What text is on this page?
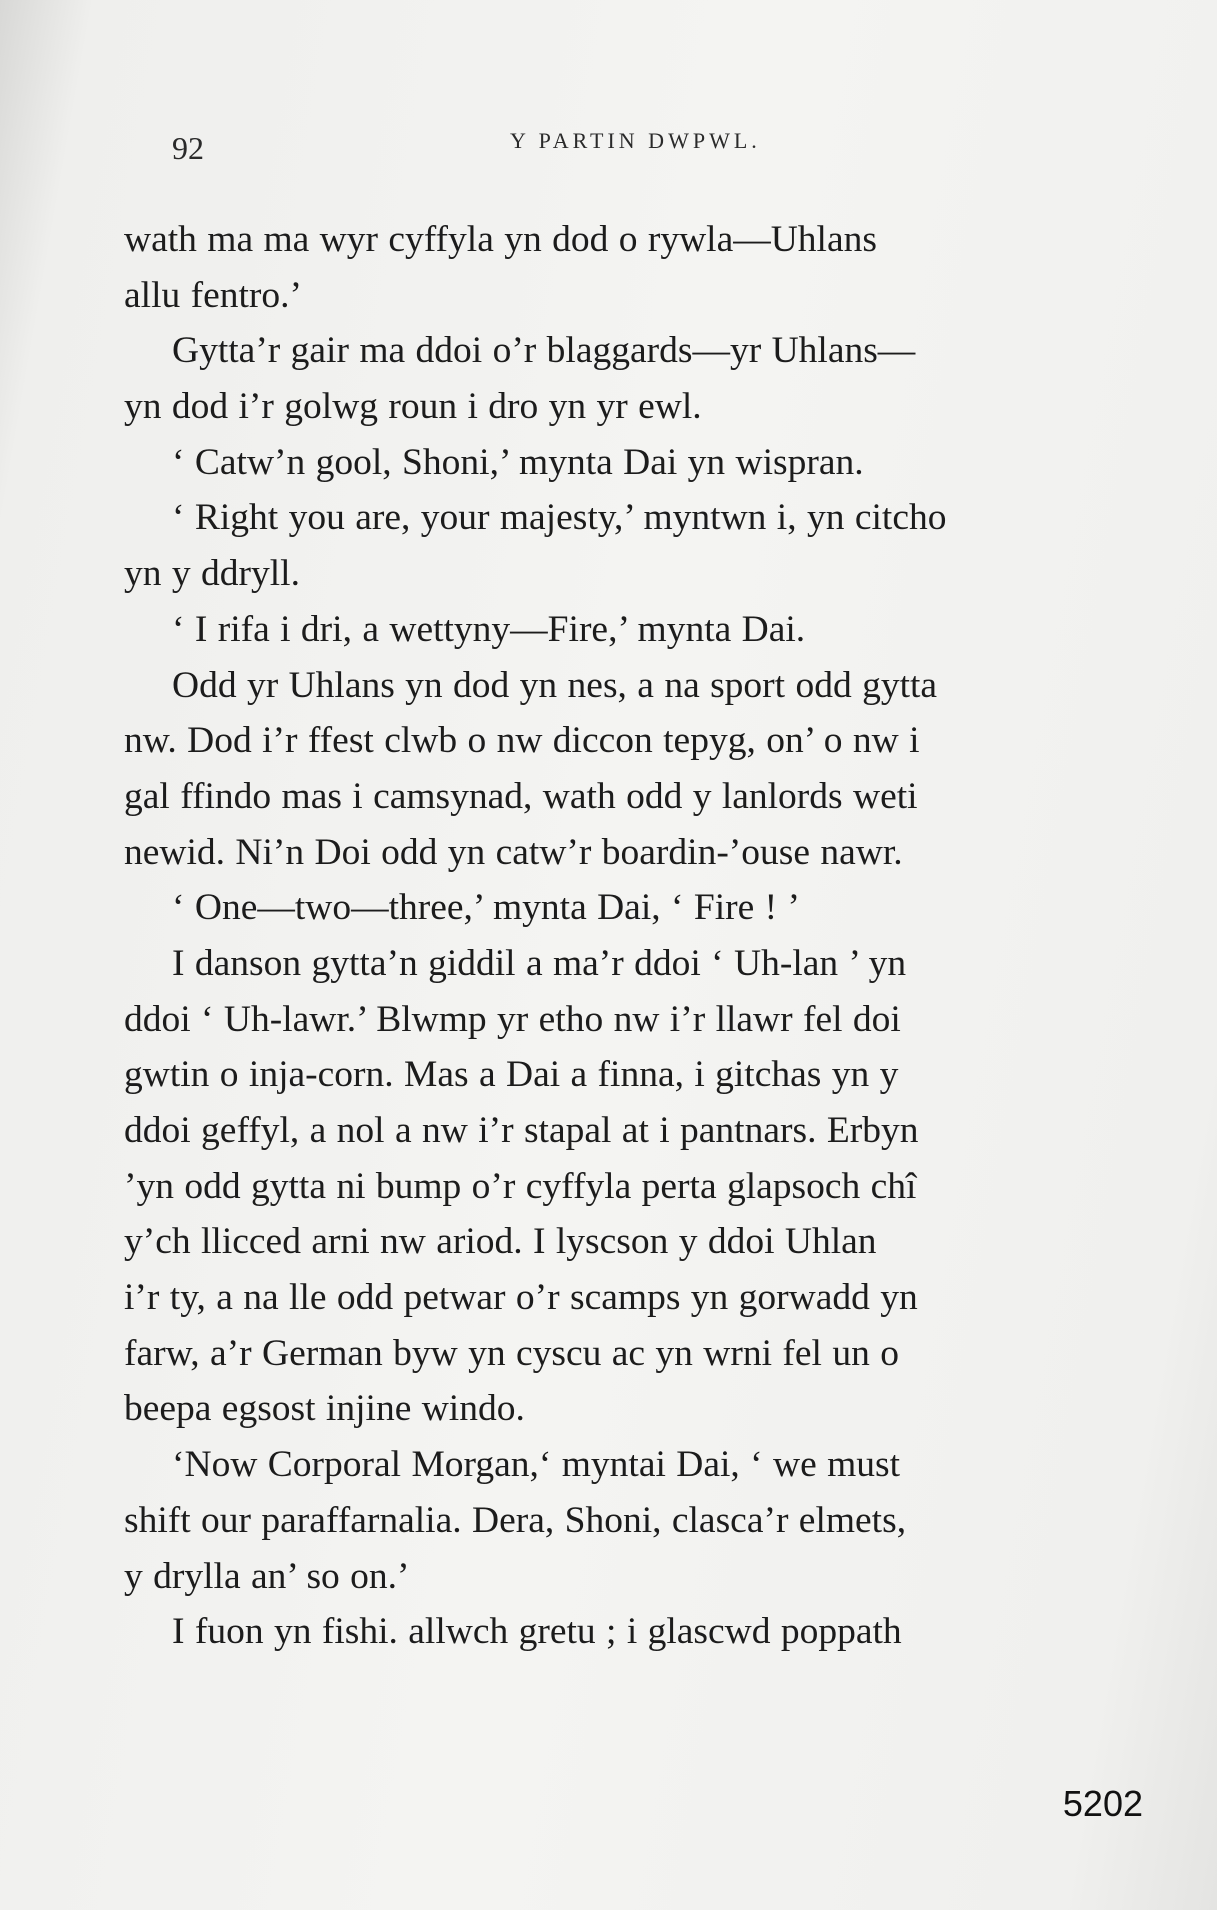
92	Y PARTIN DWPWL.
wath ma ma wyr cyffyla yn dod o rywla—Uhlans
allu fentro.’
Gytta’r gair ma ddoi o’r blaggards—yr Uhlans—
yn dod i’r golwg roun i dro yn yr ewl.
‘ Catw’n gool, Shoni,’ mynta Dai yn wispran.
‘ Right you are, your majesty,’ myntwn i, yn citcho
yn y ddryll.
‘ I rifa i dri, a wettyny—Fire,’ mynta Dai.
Odd yr Uhlans yn dod yn nes, a na sport odd gytta
nw. Dod i’r ffest clwb o nw diccon tepyg, on’ o nw i
gal ffindo mas i camsynad, wath odd y lanlords weti
newid. Ni’n Doi odd yn catw’r boardin-’ouse nawr.
‘ One—two—three,’ mynta Dai, ‘ Fire ! ’
I danson gytta’n giddil a ma’r ddoi ‘ Uh-lan ’ yn
ddoi ‘ Uh-lawr.’ Blwmp yr etho nw i’r llawr fel doi
gwtin o inja-corn. Mas a Dai a finna, i gitchas yn y
ddoi geffyl, a nol a nw i’r stapal at i pantnars. Erbyn
’yn odd gytta ni bump o’r cyffyla perta glapsoch chî
y’ch llicced arni nw ariod. I lyscson y ddoi Uhlan
i’r ty, a na lle odd petwar o’r scamps yn gorwadd yn
farw, a’r German byw yn cyscu ac yn wrni fel un o
beepa egsost injine windo.
‘Now Corporal Morgan,‘ myntai Dai, ‘ we must
shift our paraffarnalia. Dera, Shoni, clasca’r elmets,
y drylla an’ so on.’
I fuon yn fishi. allwch gretu ; i glascwd poppath
5202
